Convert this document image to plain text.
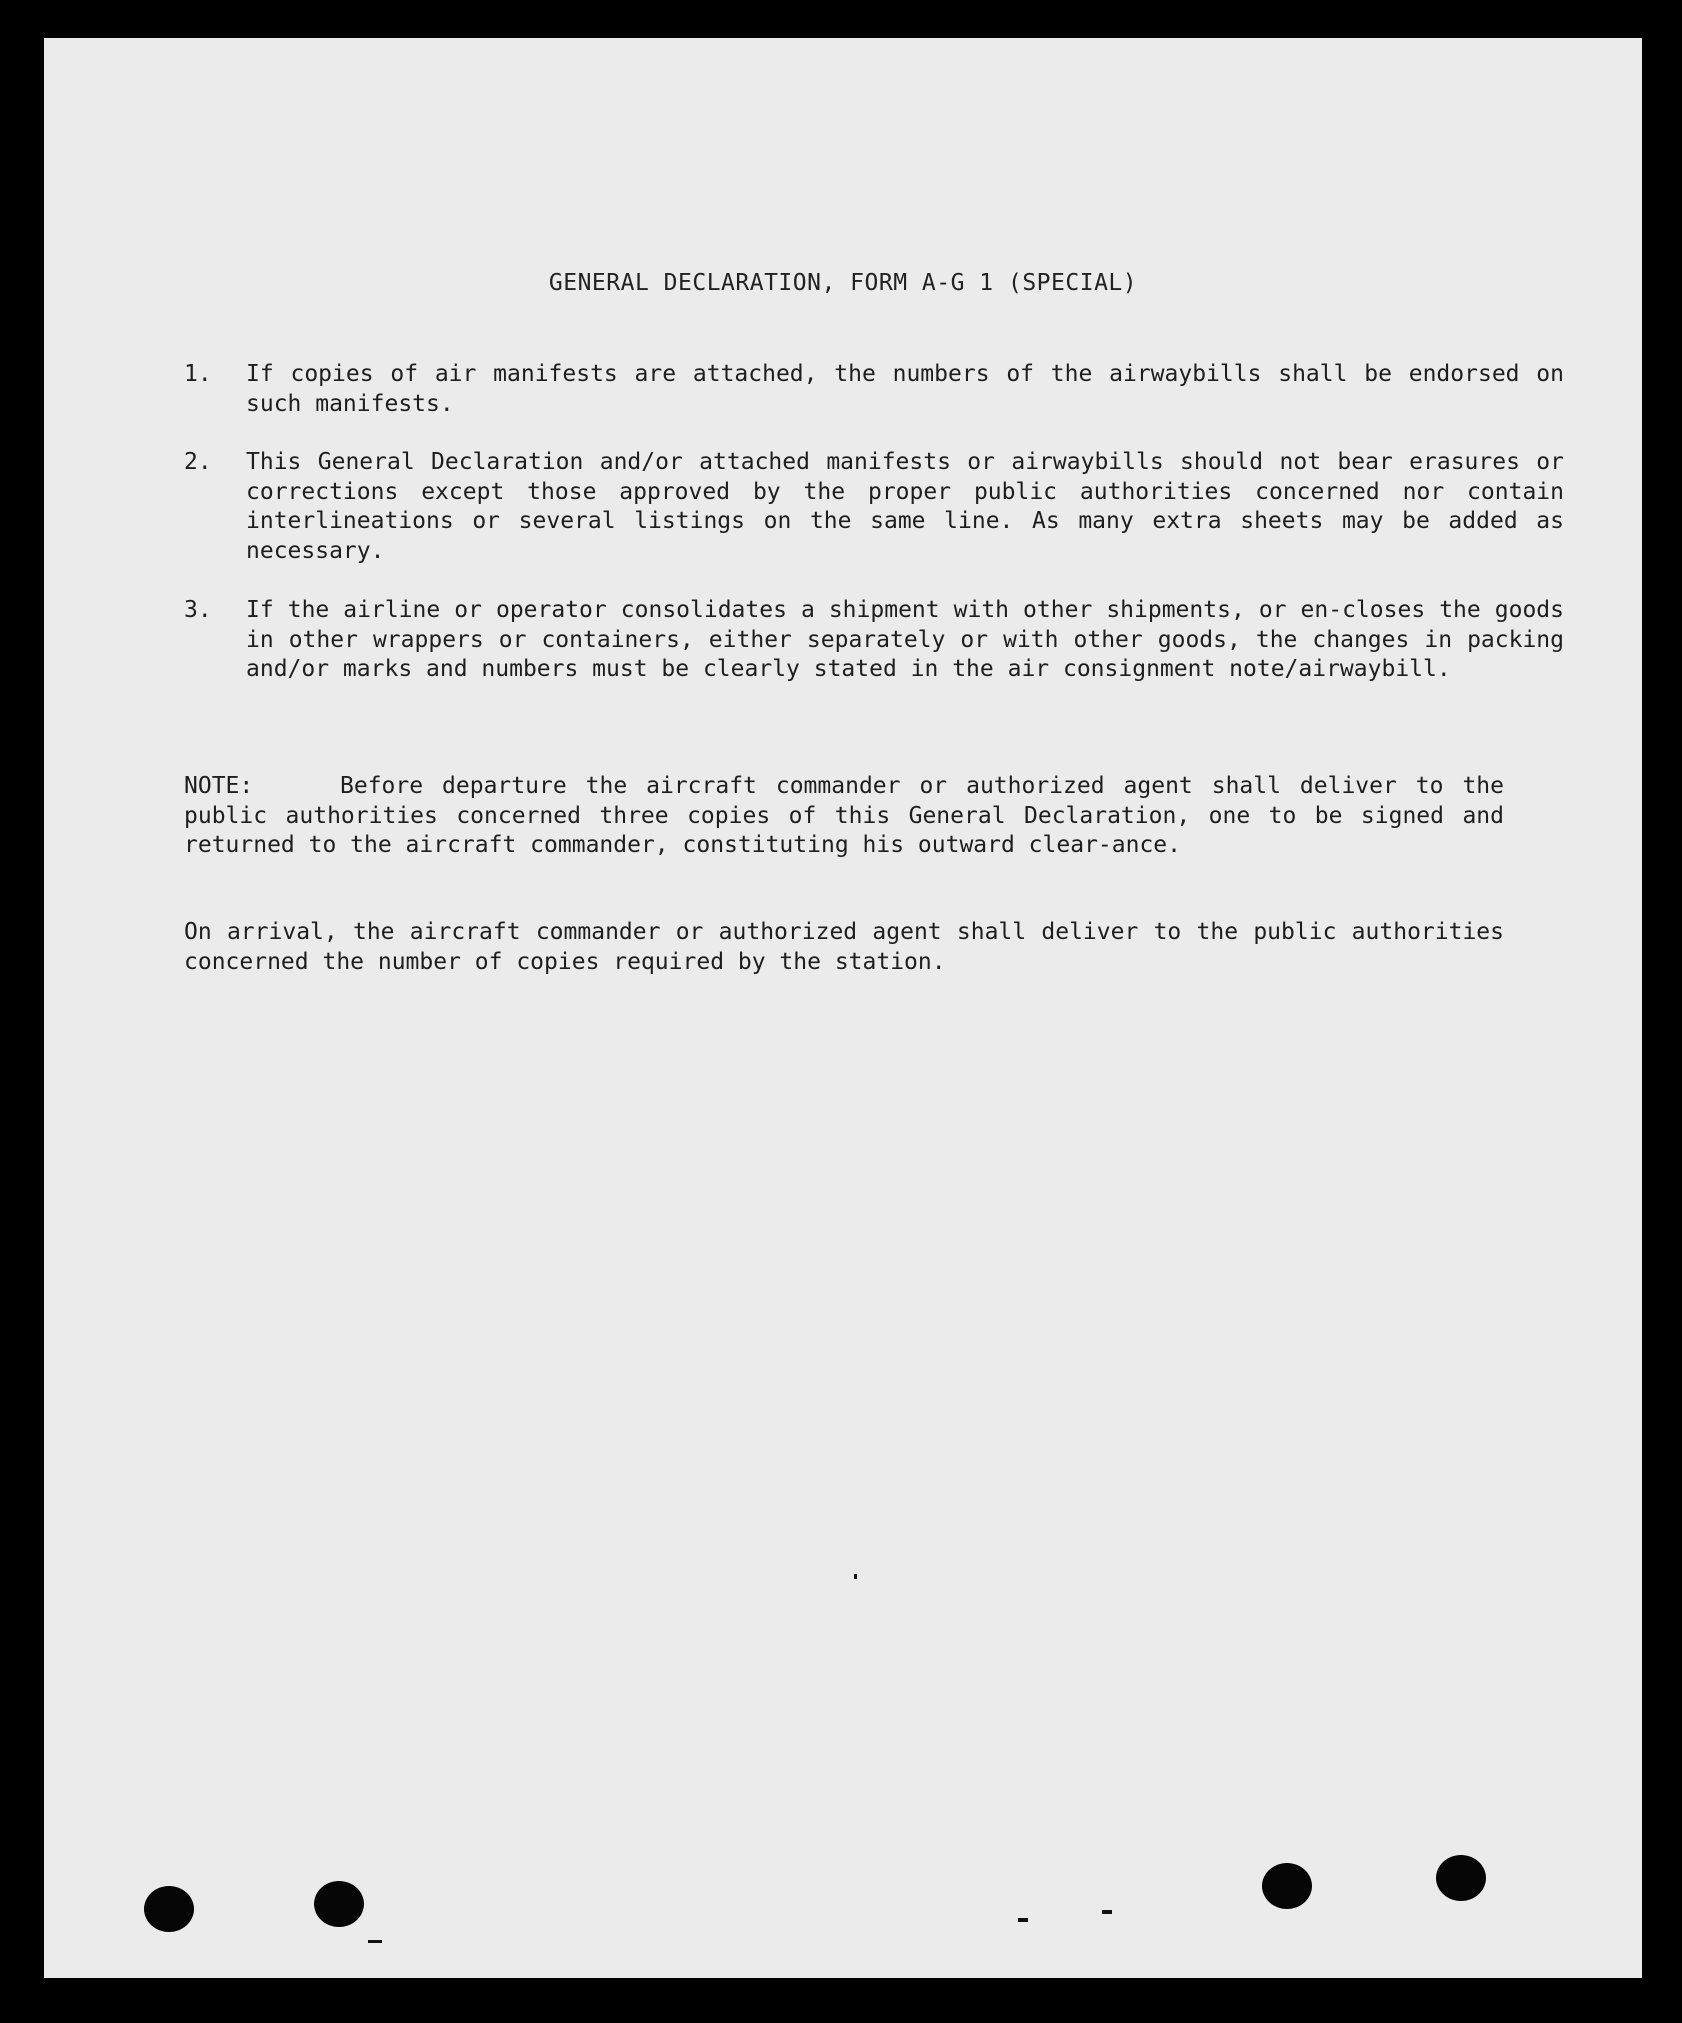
GENERAL DECLARATION, FORM A-G 1 (SPECIAL)
1.	If copies of air manifests are attached, the numbers of the airwaybills shall be endorsed on such manifests.
2.	This General Declaration and/or attached manifests or airwaybills should not bear erasures or corrections except those approved by the proper public authorities concerned nor contain interlineations or several listings on the same line. As many extra sheets may be added as necessary.
3.	If the airline or operator consolidates a shipment with other shipments, or en-closes the goods in other wrappers or containers, either separately or with other goods, the changes in packing and/or marks and numbers must be clearly stated in the air consignment note/airwaybill.
NOTE:	Before departure the aircraft commander or authorized agent shall deliver to the public authorities concerned three copies of this General Declaration, one to be signed and returned to the aircraft commander, constituting his outward clear-ance.
On arrival, the aircraft commander or authorized agent shall deliver to the public authorities concerned the number of copies required by the station.
